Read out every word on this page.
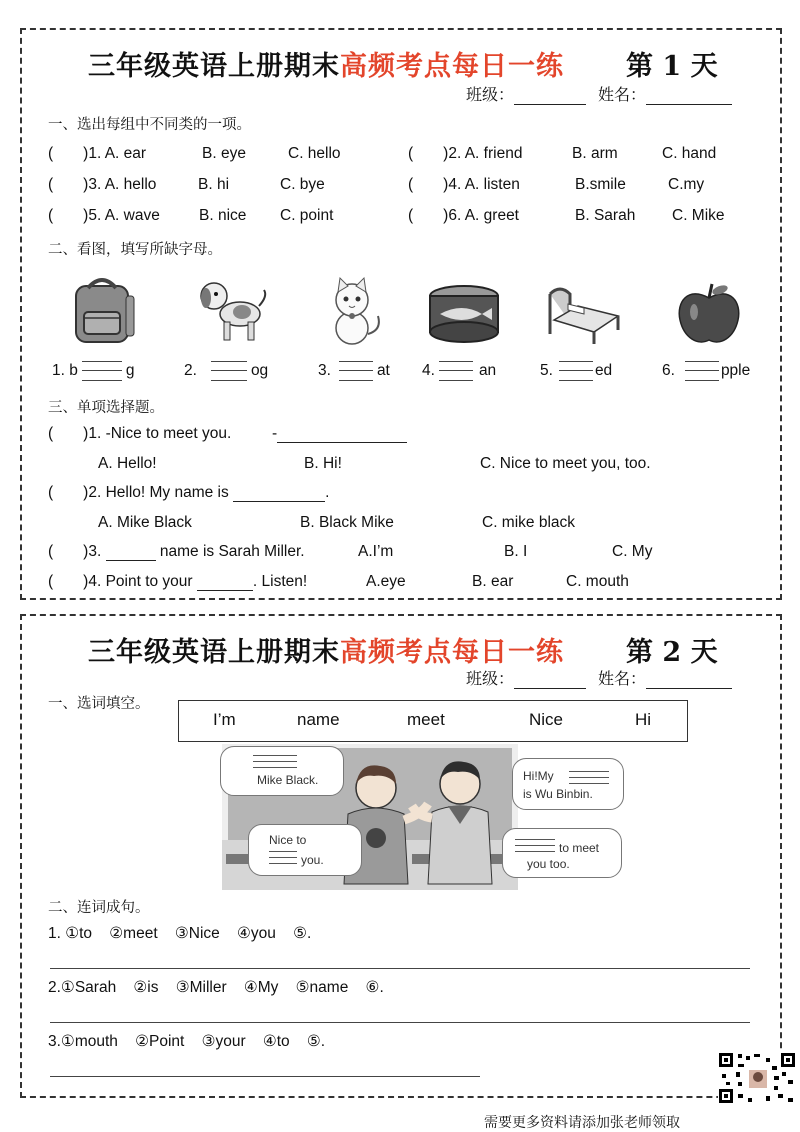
三年级英语上册期末高频考点每日一练 第 1 天
班级：	姓名：
一、选出每组中不同类的一项。
( )1. A. ear	B. eye	C. hello	( )2. A. friend	B. arm	C. hand
( )3. A. hello	B. hi	C. bye	( )4. A. listen	B.smile	C.my
( )5. A. wave	B. nice C. point	( )6. A. greet	B. Sarah C. Mike
二、看图，填写所缺字母。
1. b	g	2.	og	3.	at 4.	an	5.	ed	6.	pple
三、单项选择题。
( )1. -Nice to meet you.	-
A. Hello!	B. Hi!	C. Nice to meet you, too.
( )2. Hello! My name is	.
A. Mike Black	B. Black Mike	C. mike black
( )3.	name is Sarah Miller.	A.I’m	B. I	C. My
( )4. Point to your	. Listen!	A.eye	B. ear	C. mouth
三年级英语上册期末高频考点每日一练 第 2 天
班级：	姓名：
一、选词填空。
I’m	name	meet	Nice	Hi
Mike Black.	Hi!My
is Wu Binbin.
Nice to
you.
to meet
you too.
二、连词成句。
1. ①to    ②meet    ③Nice    ④you    ⑤.
2.①Sarah    ②is    ③Miller    ④My    ⑤name    ⑥.
3.①mouth    ②Point    ③your    ④to    ⑤.
需要更多资料请添加张老师领取
